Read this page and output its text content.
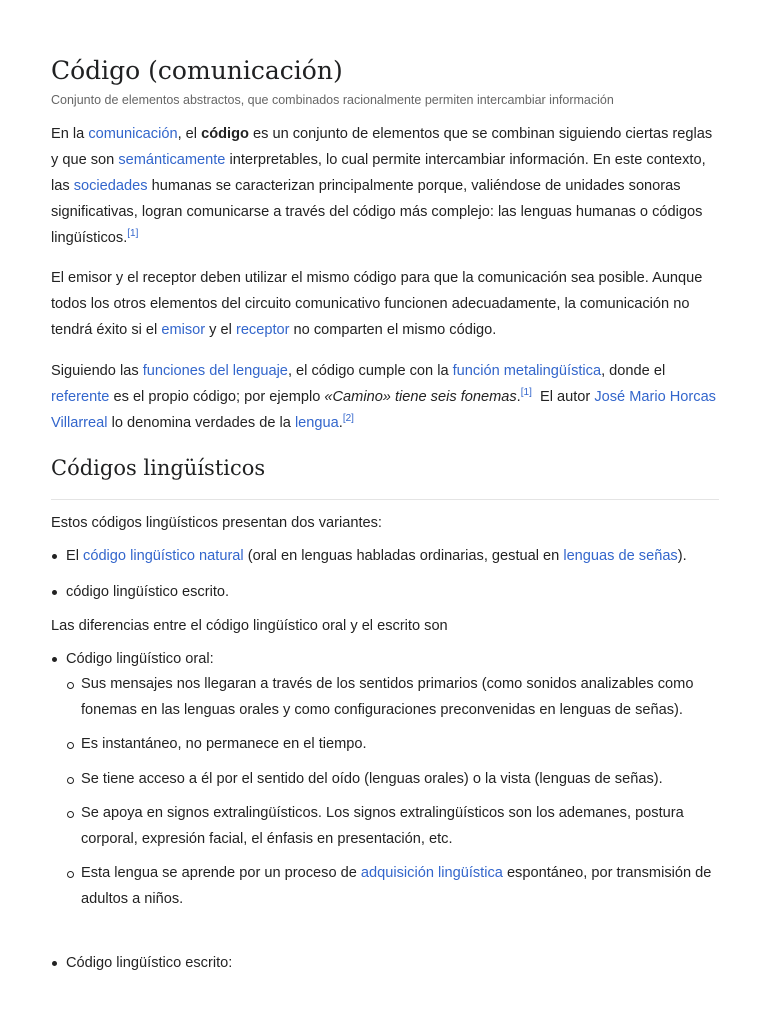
Código (comunicación)

Conjunto de elementos abstractos, que combinados racionalmente permiten intercambiar información

En la comunicación, el código es un conjunto de elementos que se combinan siguiendo ciertas reglas y que son semánticamente interpretables, lo cual permite intercambiar información. En este contexto, las sociedades humanas se caracterizan principalmente porque, valiéndose de unidades sonoras significativas, logran comunicarse a través del código más complejo: las lenguas humanas o códigos lingüísticos.[1]

El emisor y el receptor deben utilizar el mismo código para que la comunicación sea posible. Aunque todos los otros elementos del circuito comunicativo funcionen adecuadamente, la comunicación no tendrá éxito si el emisor y el receptor no comparten el mismo código.

Siguiendo las funciones del lenguaje, el código cumple con la función metalingüística, donde el referente es el propio código; por ejemplo «Camino» tiene seis fonemas.[1]  El autor José Mario Horcas Villarreal lo denomina verdades de la lengua.[2]

Códigos lingüísticos

Estos códigos lingüísticos presentan dos variantes:

El código lingüístico natural (oral en lenguas habladas ordinarias, gestual en lenguas de señas).
código lingüístico escrito.

Las diferencias entre el código lingüístico oral y el escrito son

Código lingüístico oral:
Sus mensajes nos llegaran a través de los sentidos primarios (como sonidos analizables como fonemas en las lenguas orales y como configuraciones preconvenidas en lenguas de señas).
Es instantáneo, no permanece en el tiempo.
Se tiene acceso a él por el sentido del oído (lenguas orales) o la vista (lenguas de señas).
Se apoya en signos extralingüísticos. Los signos extralingüísticos son los ademanes, postura corporal, expresión facial, el énfasis en presentación, etc.
Esta lengua se aprende por un proceso de adquisición lingüística espontáneo, por transmisión de adultos a niños.
Código lingüístico escrito:
